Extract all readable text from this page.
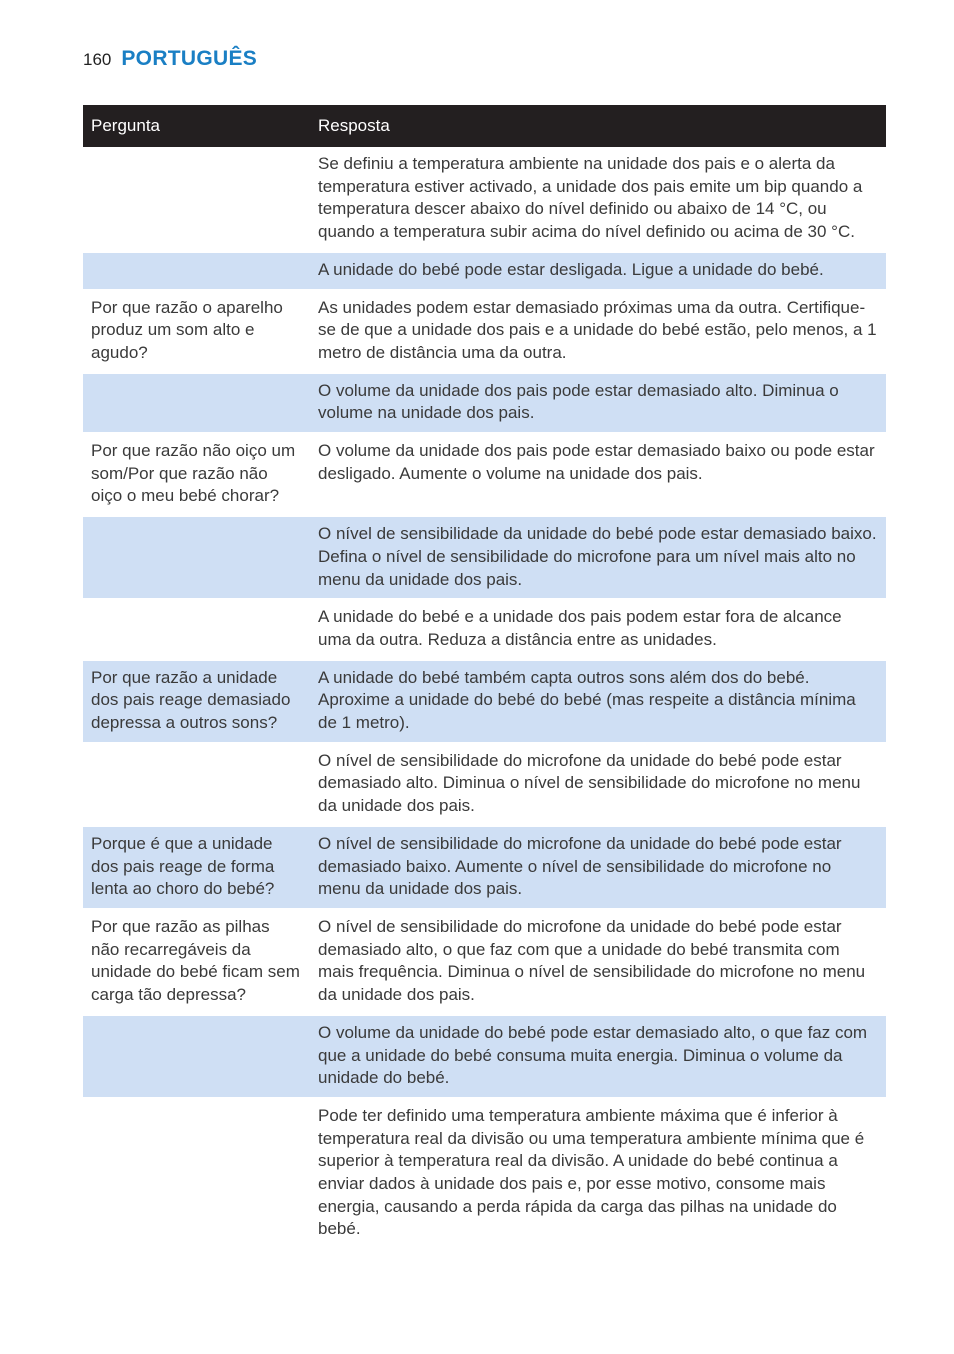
160 PORTUGUÊS
Pergunta	Resposta
	Se definiu a temperatura ambiente na unidade dos pais e o alerta da temperatura estiver activado, a unidade dos pais emite um bip quando a temperatura descer abaixo do nível definido ou abaixo de 14 °C, ou quando a temperatura subir acima do nível definido ou acima de 30 °C.
	A unidade do bebé pode estar desligada. Ligue a unidade do bebé.
Por que razão o aparelho produz um som alto e agudo?	As unidades podem estar demasiado próximas uma da outra. Certifique-se de que a unidade dos pais e a unidade do bebé estão, pelo menos, a 1 metro de distância uma da outra.
	O volume da unidade dos pais pode estar demasiado alto. Diminua o volume na unidade dos pais.
Por que razão não oiço um som/Por que razão não oiço o meu bebé chorar?	O volume da unidade dos pais pode estar demasiado baixo ou pode estar desligado. Aumente o volume na unidade dos pais.
	O nível de sensibilidade da unidade do bebé pode estar demasiado baixo. Defina o nível de sensibilidade do microfone para um nível mais alto no menu da unidade dos pais.
	A unidade do bebé e a unidade dos pais podem estar fora de alcance uma da outra. Reduza a distância entre as unidades.
Por que razão a unidade dos pais reage demasiado depressa a outros sons?	A unidade do bebé também capta outros sons além dos do bebé. Aproxime a unidade do bebé do bebé (mas respeite a distância mínima de 1 metro).
	O nível de sensibilidade do microfone da unidade do bebé pode estar demasiado alto. Diminua o nível de sensibilidade do microfone no menu da unidade dos pais.
Porque é que a unidade dos pais reage de forma lenta ao choro do bebé?	O nível de sensibilidade do microfone da unidade do bebé pode estar demasiado baixo. Aumente o nível de sensibilidade do microfone no menu da unidade dos pais.
Por que razão as pilhas não recarregáveis da unidade do bebé ficam sem carga tão depressa?	O nível de sensibilidade do microfone da unidade do bebé pode estar demasiado alto, o que faz com que a unidade do bebé transmita com mais frequência. Diminua o nível de sensibilidade do microfone no menu da unidade dos pais.
	O volume da unidade do bebé pode estar demasiado alto, o que faz com que a unidade do bebé consuma muita energia. Diminua o volume da unidade do bebé.
	Pode ter definido uma temperatura ambiente máxima que é inferior à temperatura real da divisão ou uma temperatura ambiente mínima que é superior à temperatura real da divisão. A unidade do bebé continua a enviar dados à unidade dos pais e, por esse motivo, consome mais energia, causando a perda rápida da carga das pilhas na unidade do bebé.
